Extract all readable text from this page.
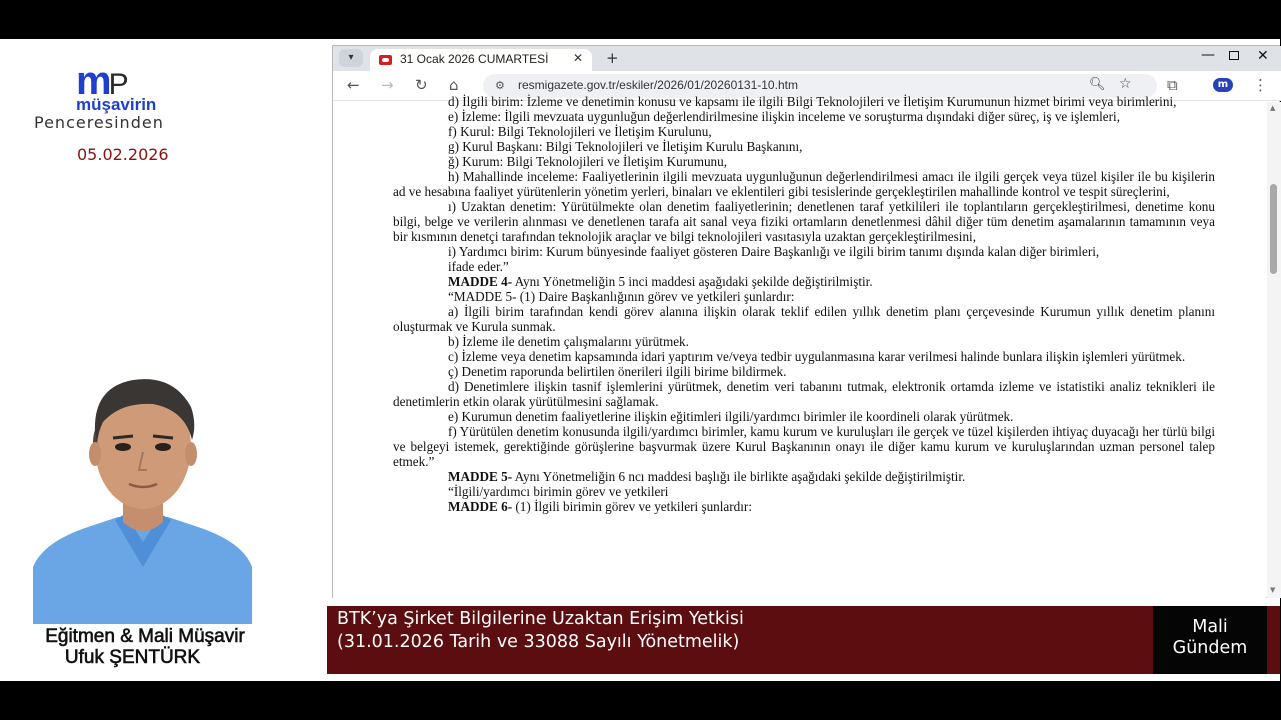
mP
müşavirin
Penceresinden
05.02.2026
Eğitmen & Mali Müşavir
Ufuk ŞENTÜRK
▾	31 Ocak 2026 CUMARTESİ	✕ +	—	✕
← → ↻ ⌂	⚙ resmigazete.gov.tr/eskiler/2026/01/20260131-10.htm	🔍︎ ☆ ⧉	m	⋮

d) İlgili birim: İzleme ve denetimin konusu ve kapsamı ile ilgili Bilgi Teknolojileri ve İletişim Kurumunun hizmet birimi veya birimlerini,

e) İzleme: İlgili mevzuata uygunluğun değerlendirilmesine ilişkin inceleme ve soruşturma dışındaki diğer süreç, iş ve işlemleri,

f) Kurul: Bilgi Teknolojileri ve İletişim Kurulunu,

g) Kurul Başkanı: Bilgi Teknolojileri ve İletişim Kurulu Başkanını,

ğ) Kurum: Bilgi Teknolojileri ve İletişim Kurumunu,

h) Mahallinde inceleme: Faaliyetlerinin ilgili mevzuata uygunluğunun değerlendirilmesi amacı ile ilgili gerçek veya tüzel kişiler ile bu kişilerin ad ve hesabına faaliyet yürütenlerin yönetim yerleri, binaları ve eklentileri gibi tesislerinde gerçekleştirilen mahallinde kontrol ve tespit süreçlerini,

ı) Uzaktan denetim: Yürütülmekte olan denetim faaliyetlerinin; denetlenen taraf yetkilileri ile toplantıların gerçekleştirilmesi, denetime konu bilgi, belge ve verilerin alınması ve denetlenen tarafa ait sanal veya fiziki ortamların denetlenmesi dâhil diğer tüm denetim aşamalarının tamamının veya bir kısmının denetçi tarafından teknolojik araçlar ve bilgi teknolojileri vasıtasıyla uzaktan gerçekleştirilmesini,

i) Yardımcı birim: Kurum bünyesinde faaliyet gösteren Daire Başkanlığı ve ilgili birim tanımı dışında kalan diğer birimleri,

ifade eder.”

MADDE 4- Aynı Yönetmeliğin 5 inci maddesi aşağıdaki şekilde değiştirilmiştir.

“MADDE 5- (1) Daire Başkanlığının görev ve yetkileri şunlardır:

a) İlgili birim tarafından kendi görev alanına ilişkin olarak teklif edilen yıllık denetim planı çerçevesinde Kurumun yıllık denetim planını oluşturmak ve Kurula sunmak.

b) İzleme ile denetim çalışmalarını yürütmek.

c) İzleme veya denetim kapsamında idari yaptırım ve/veya tedbir uygulanmasına karar verilmesi halinde bunlara ilişkin işlemleri yürütmek.

ç) Denetim raporunda belirtilen önerileri ilgili birime bildirmek.

d) Denetimlere ilişkin tasnif işlemlerini yürütmek, denetim veri tabanını tutmak, elektronik ortamda izleme ve istatistiki analiz teknikleri ile denetimlerin etkin olarak yürütülmesini sağlamak.

e) Kurumun denetim faaliyetlerine ilişkin eğitimleri ilgili/yardımcı birimler ile koordineli olarak yürütmek.

f) Yürütülen denetim konusunda ilgili/yardımcı birimler, kamu kurum ve kuruluşları ile gerçek ve tüzel kişilerden ihtiyaç duyacağı her türlü bilgi ve belgeyi istemek, gerektiğinde görüşlerine başvurmak üzere Kurul Başkanının onayı ile diğer kamu kurum ve kuruluşlarından uzman personel talep etmek.”

MADDE 5- Aynı Yönetmeliğin 6 ncı maddesi başlığı ile birlikte aşağıdaki şekilde değiştirilmiştir.

“İlgili/yardımcı birimin görev ve yetkileri

MADDE 6- (1) İlgili birimin görev ve yetkileri şunlardır:

▲
▼
BTK’ya Şirket Bilgilerine Uzaktan Erişim Yetkisi
(31.01.2026 Tarih ve 33088 Sayılı Yönetmelik)
Mali
Gündem
